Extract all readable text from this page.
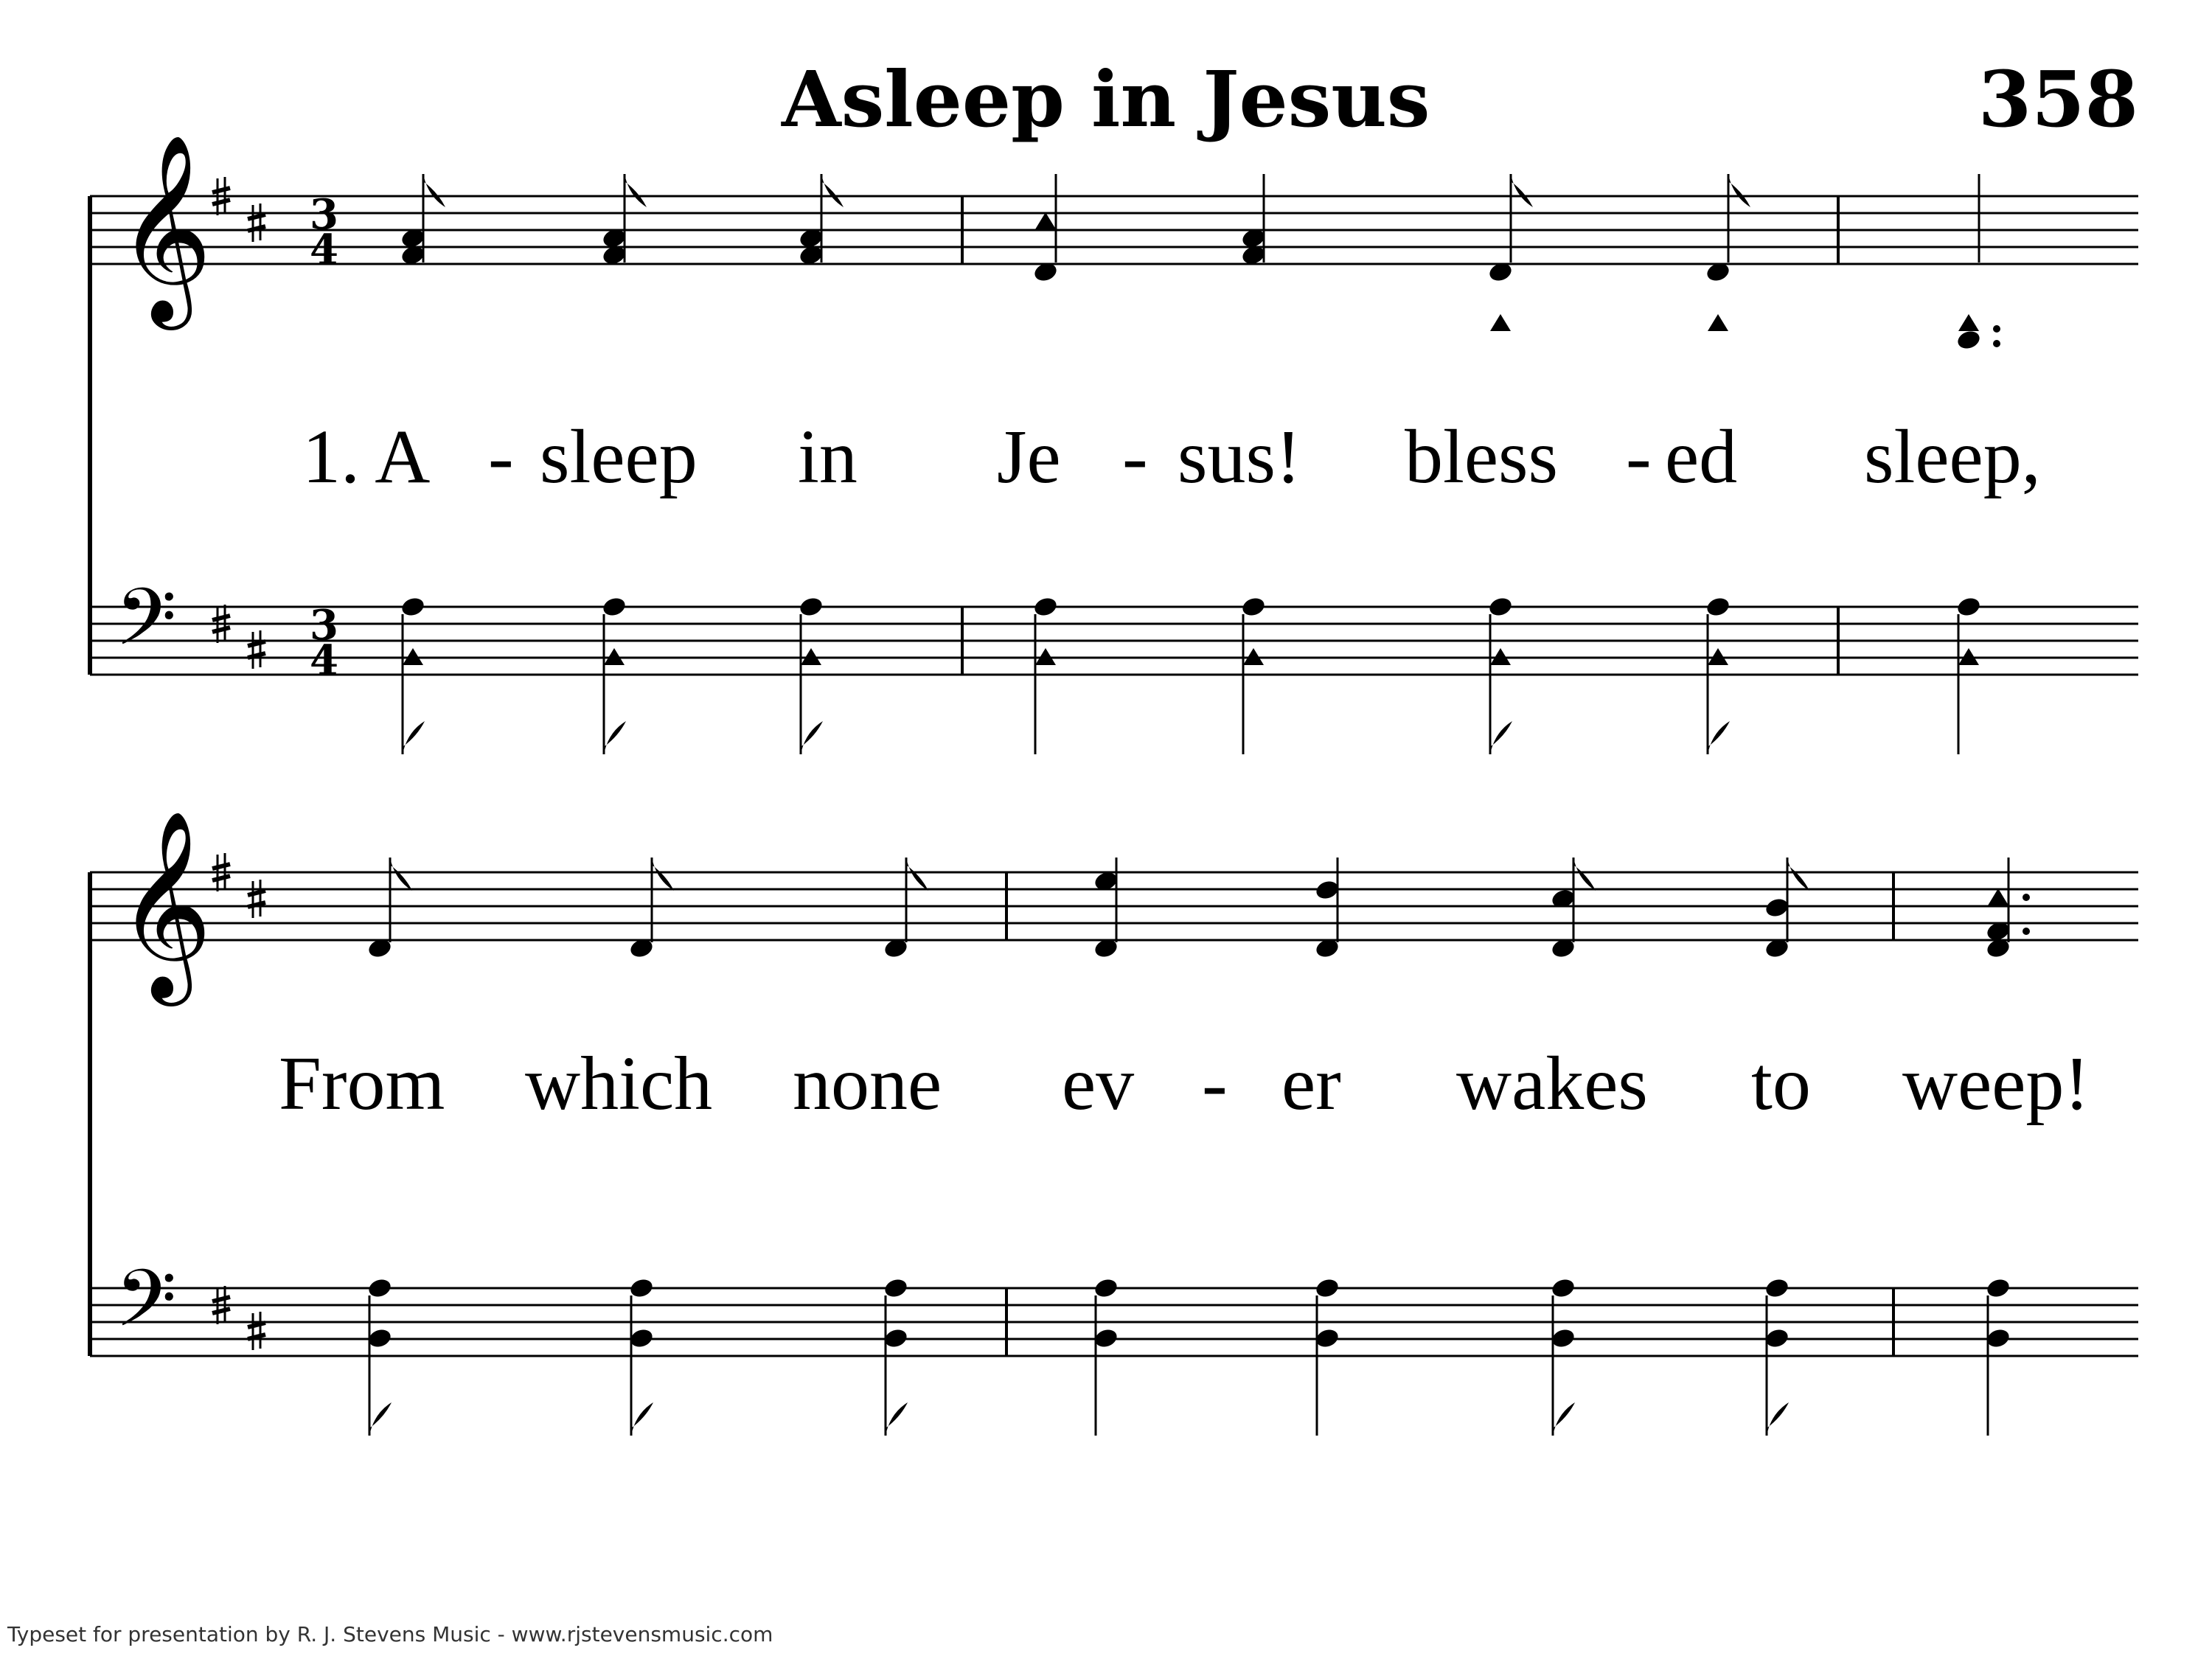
Asleep in Jesus	358
𝄞
𝄢
3
4
3
4
𝄞
𝄢
1. A - sleep in Je - sus! bless - ed sleep,
From which none ev - er wakes to weep!
Typeset for presentation by R. J. Stevens Music - www.rjstevensmusic.com
